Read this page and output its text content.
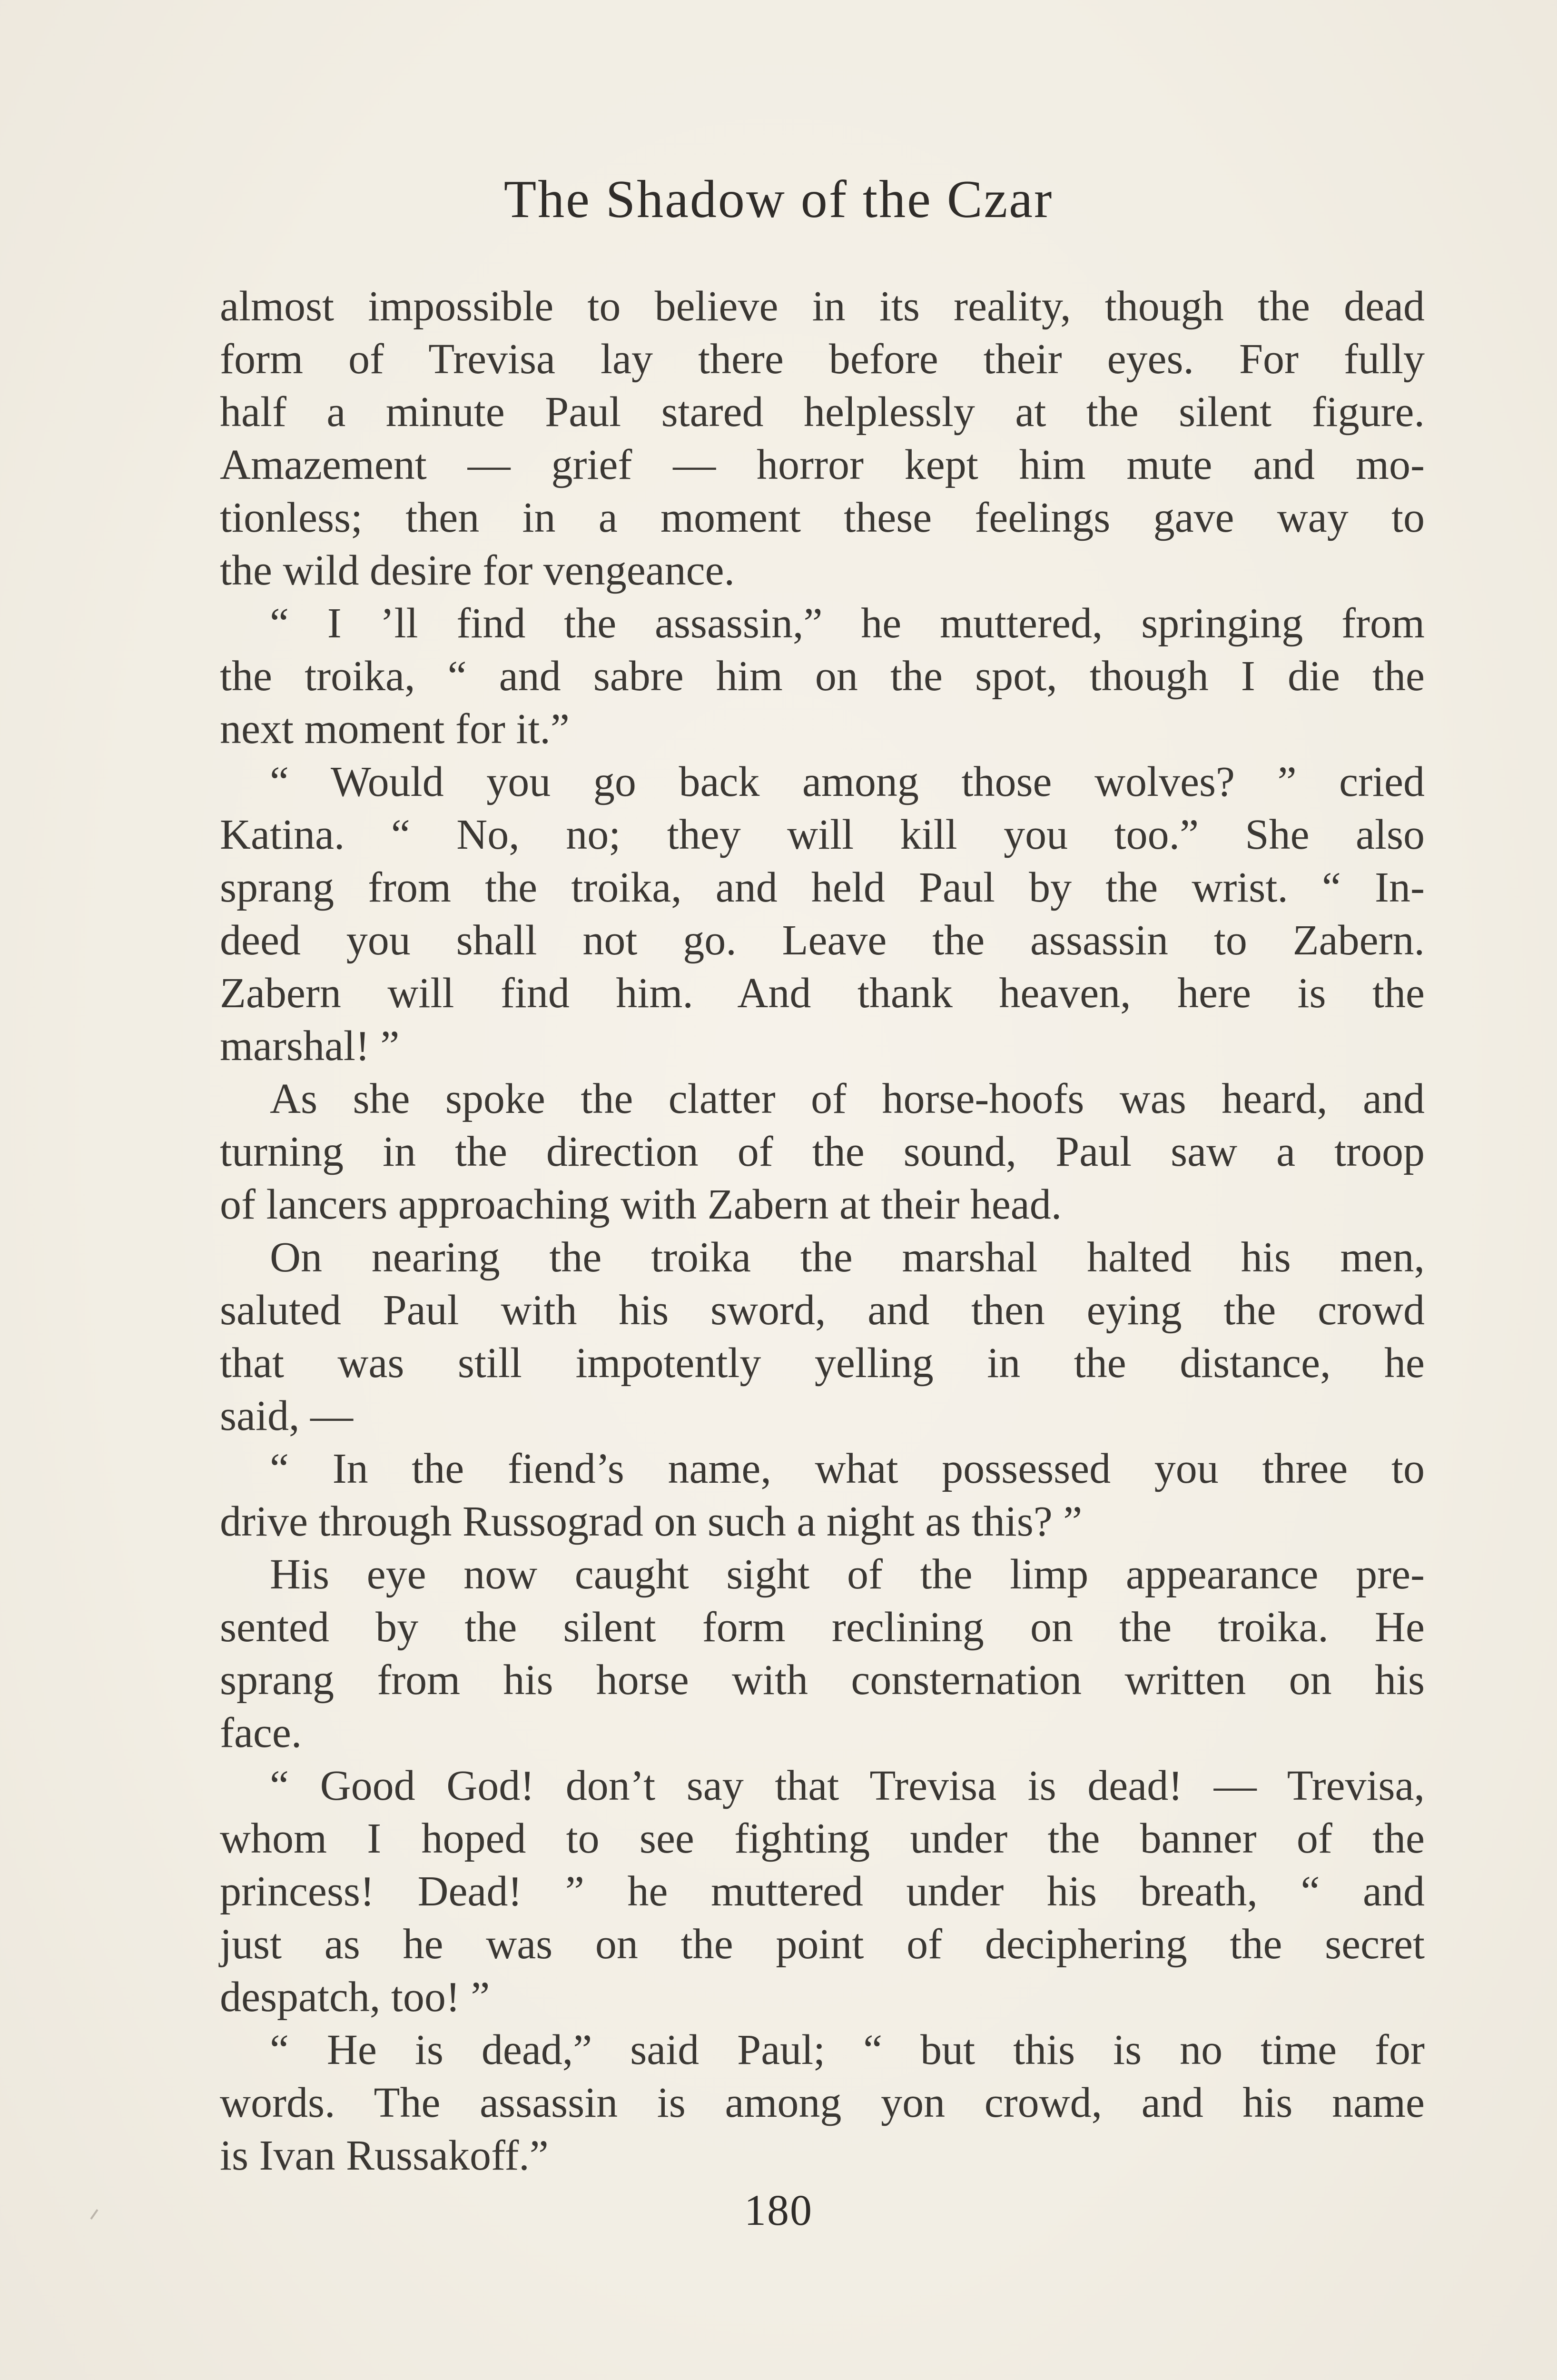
The Shadow of the Czar
almost impossible to believe in its reality, though the dead
form of Trevisa lay there before their eyes. For fully
half a minute Paul stared helplessly at the silent figure.
Amazement — grief — horror kept him mute and mo-
tionless; then in a moment these feelings gave way to
the wild desire for vengeance.
“ I ’ll find the assassin,” he muttered, springing from
the troika, “ and sabre him on the spot, though I die the
next moment for it.”
“ Would you go back among those wolves? ” cried
Katina. “ No, no; they will kill you too.” She also
sprang from the troika, and held Paul by the wrist. “ In-
deed you shall not go. Leave the assassin to Zabern.
Zabern will find him. And thank heaven, here is the
marshal! ”
As she spoke the clatter of horse-hoofs was heard, and
turning in the direction of the sound, Paul saw a troop
of lancers approaching with Zabern at their head.
On nearing the troika the marshal halted his men,
saluted Paul with his sword, and then eying the crowd
that was still impotently yelling in the distance, he
said, —
“ In the fiend’s name, what possessed you three to
drive through Russograd on such a night as this? ”
His eye now caught sight of the limp appearance pre-
sented by the silent form reclining on the troika. He
sprang from his horse with consternation written on his
face.
“ Good God! don’t say that Trevisa is dead! — Trevisa,
whom I hoped to see fighting under the banner of the
princess! Dead! ” he muttered under his breath, “ and
just as he was on the point of deciphering the secret
despatch, too! ”
“ He is dead,” said Paul; “ but this is no time for
words. The assassin is among yon crowd, and his name
is Ivan Russakoff.”
180
